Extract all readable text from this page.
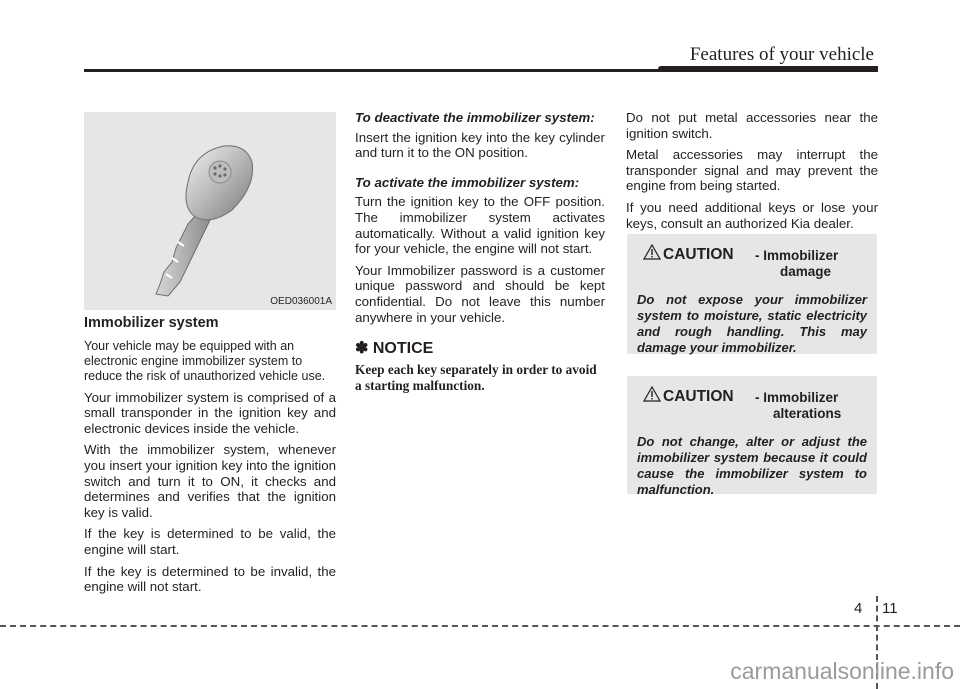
Features of your vehicle
OED036001A

Immobilizer system

Your vehicle may be equipped with an electronic engine immobilizer system to reduce the risk of unauthorized vehicle use.

Your immobilizer system is comprised of a small transponder in the ignition key and electronic devices inside the vehicle.

With the immobilizer system, whenever you insert your ignition key into the ignition switch and turn it to ON, it checks and determines and verifies that the ignition key is valid.

If the key is determined to be valid, the engine will start.

If the key is determined to be invalid, the engine will not start.

To deactivate the immobilizer system:

Insert the ignition key into the key cylinder and turn it to the ON position.

To activate the immobilizer system:

Turn the ignition key to the OFF position. The immobilizer system activates automatically. Without a valid ignition key for your vehicle, the engine will not start.

Your Immobilizer password is a customer unique password and should be kept confidential. Do not leave this number anywhere in your vehicle.

✽ NOTICE

Keep each key separately in order to avoid a starting malfunction.

Do not put metal accessories near the ignition switch.

Metal accessories may interrupt the transponder signal and may prevent the engine from being started.

If you need additional keys or lose your keys, consult an authorized Kia dealer.

CAUTION - Immobilizer
damage
Do not expose your immobilizer system to moisture, static electricity and rough handling. This may damage your immobilizer.
CAUTION - Immobilizer
alterations
Do not change, alter or adjust the immobilizer system because it could cause the immobilizer system to malfunction.
4 11
carmanualsonline.info
